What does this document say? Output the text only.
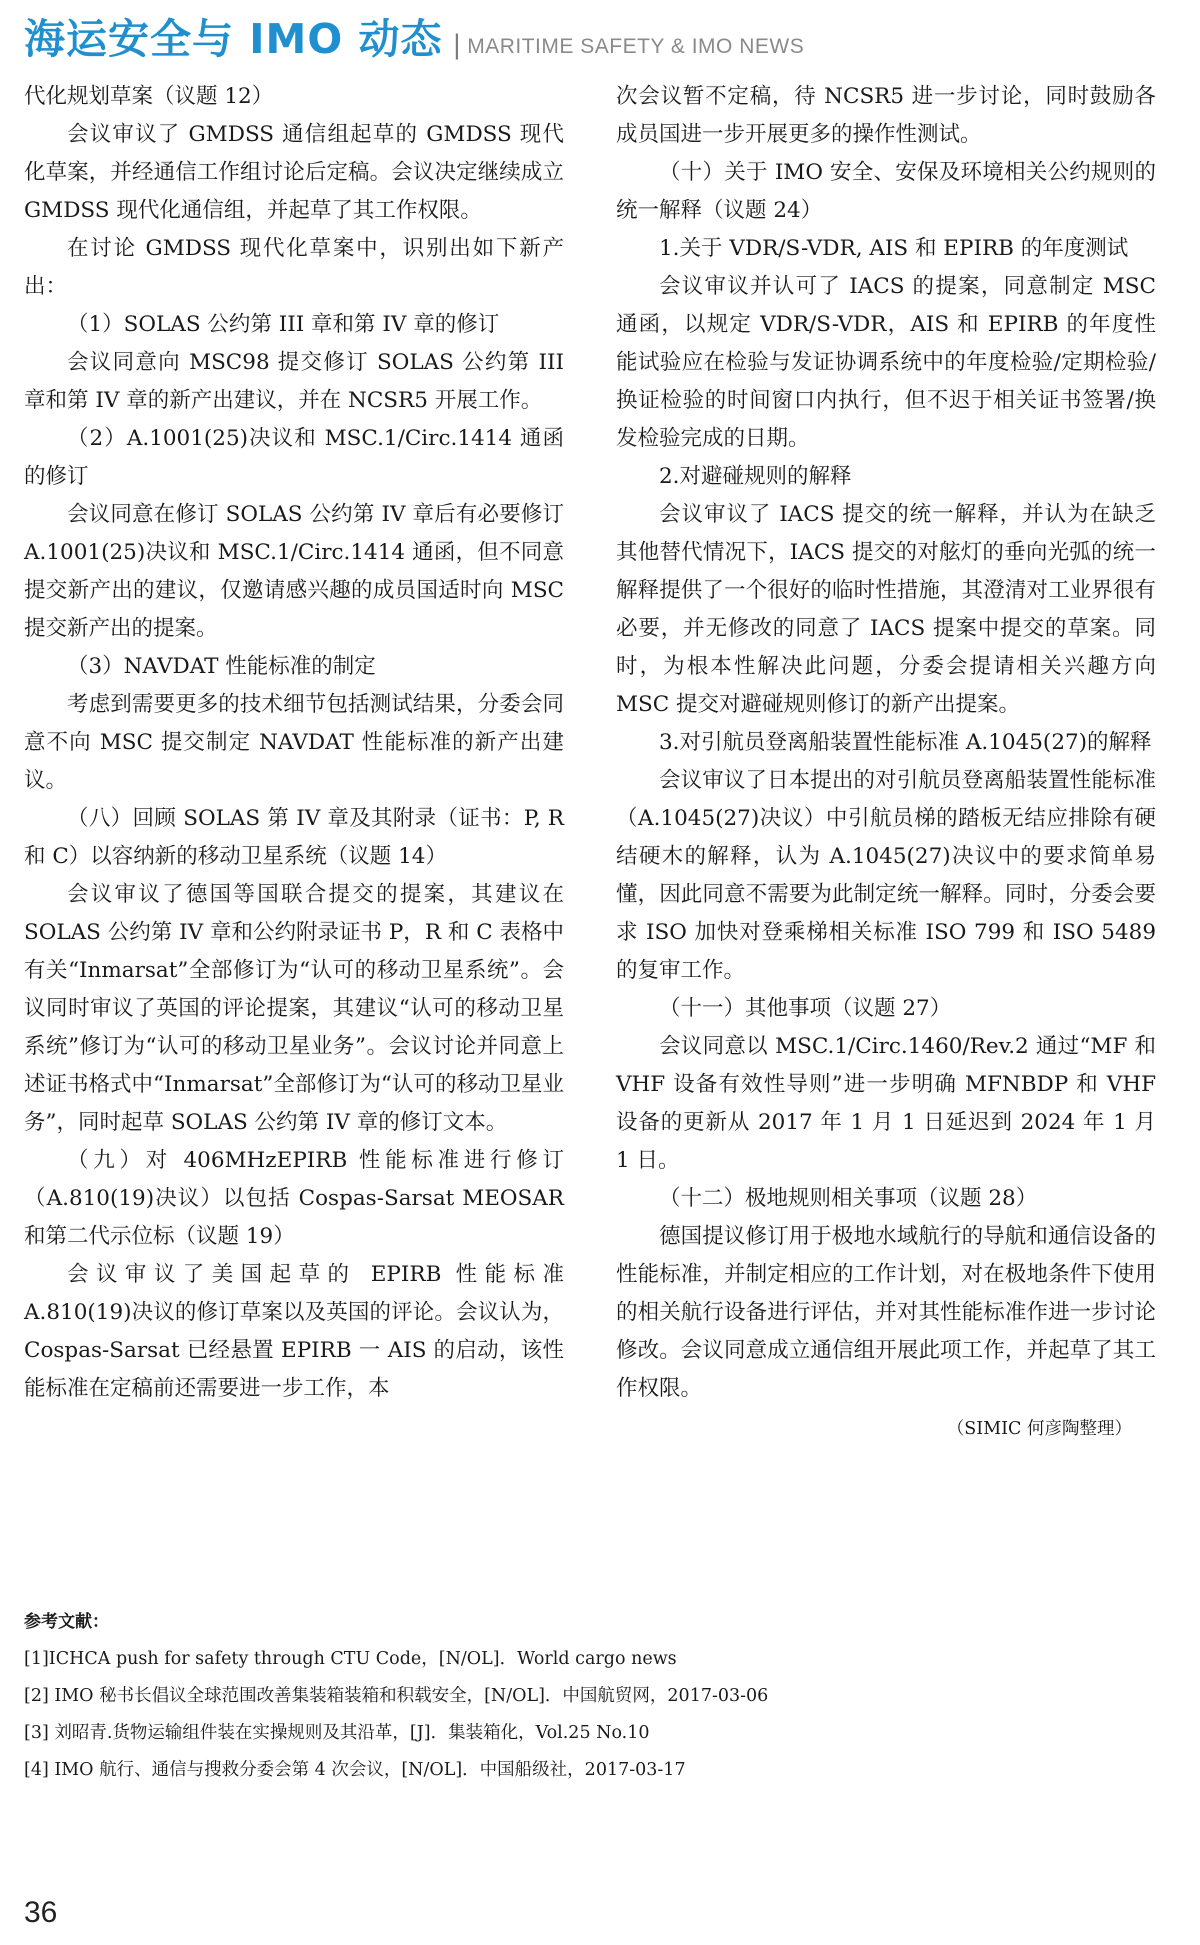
海运安全与 IMO 动态 | MARITIME SAFETY & IMO NEWS

代化规划草案（议题 12）

会议审议了 GMDSS 通信组起草的 GMDSS 现代化草案，并经通信工作组讨论后定稿。会议决定继续成立 GMDSS 现代化通信组，并起草了其工作权限。

在讨论 GMDSS 现代化草案中，识别出如下新产出：

（1）SOLAS 公约第 III 章和第 IV 章的修订

会议同意向 MSC98 提交修订 SOLAS 公约第 III 章和第 IV 章的新产出建议，并在 NCSR5 开展工作。

（2）A.1001(25)决议和 MSC.1/Circ.1414 通函的修订

会议同意在修订 SOLAS 公约第 IV 章后有必要修订 A.1001(25)决议和 MSC.1/Circ.1414 通函，但不同意提交新产出的建议，仅邀请感兴趣的成员国适时向 MSC 提交新产出的提案。

（3）NAVDAT 性能标准的制定

考虑到需要更多的技术细节包括测试结果，分委会同意不向 MSC 提交制定 NAVDAT 性能标准的新产出建议。

（八）回顾 SOLAS 第 IV 章及其附录（证书：P, R 和 C）以容纳新的移动卫星系统（议题 14）

会议审议了德国等国联合提交的提案，其建议在 SOLAS 公约第 IV 章和公约附录证书 P，R 和 C 表格中有关“Inmarsat”全部修订为“认可的移动卫星系统”。会议同时审议了英国的评论提案，其建议“认可的移动卫星系统”修订为“认可的移动卫星业务”。会议讨论并同意上述证书格式中“Inmarsat”全部修订为“认可的移动卫星业务”，同时起草 SOLAS 公约第 IV 章的修订文本。

（九）对 406MHzEPIRB 性能标准进行修订（A.810(19)决议）以包括 Cospas-Sarsat MEOSAR 和第二代示位标（议题 19）

会议审议了美国起草的 EPIRB 性能标准 A.810(19)决议的修订草案以及英国的评论。会议认为，Cospas-Sarsat 已经悬置 EPIRB 一 AIS 的启动，该性能标准在定稿前还需要进一步工作，本

次会议暂不定稿，待 NCSR5 进一步讨论，同时鼓励各成员国进一步开展更多的操作性测试。

（十）关于 IMO 安全、安保及环境相关公约规则的统一解释（议题 24）

1.关于 VDR/S-VDR, AIS 和 EPIRB 的年度测试

会议审议并认可了 IACS 的提案，同意制定 MSC 通函，以规定 VDR/S-VDR，AIS 和 EPIRB 的年度性能试验应在检验与发证协调系统中的年度检验/定期检验/换证检验的时间窗口内执行，但不迟于相关证书签署/换发检验完成的日期。

2.对避碰规则的解释

会议审议了 IACS 提交的统一解释，并认为在缺乏其他替代情况下，IACS 提交的对舷灯的垂向光弧的统一解释提供了一个很好的临时性措施，其澄清对工业界很有必要，并无修改的同意了 IACS 提案中提交的草案。同时，为根本性解决此问题，分委会提请相关兴趣方向 MSC 提交对避碰规则修订的新产出提案。

3.对引航员登离船装置性能标准 A.1045(27)的解释

会议审议了日本提出的对引航员登离船装置性能标准（A.1045(27)决议）中引航员梯的踏板无结应排除有硬结硬木的解释，认为 A.1045(27)决议中的要求简单易懂，因此同意不需要为此制定统一解释。同时，分委会要求 ISO 加快对登乘梯相关标准 ISO 799 和 ISO 5489 的复审工作。

（十一）其他事项（议题 27）

会议同意以 MSC.1/Circ.1460/Rev.2 通过“MF 和 VHF 设备有效性导则”进一步明确 MFNBDP 和 VHF 设备的更新从 2017 年 1 月 1 日延迟到 2024 年 1 月 1 日。

（十二）极地规则相关事项（议题 28）

德国提议修订用于极地水域航行的导航和通信设备的性能标准，并制定相应的工作计划，对在极地条件下使用的相关航行设备进行评估，并对其性能标准作进一步讨论修改。会议同意成立通信组开展此项工作，并起草了其工作权限。

（SIMIC 何彦陶整理）

参考文献：
[1]ICHCA push for safety through CTU Code，[N/OL]．World cargo news
[2] IMO 秘书长倡议全球范围改善集装箱装箱和积载安全，[N/OL]．中国航贸网，2017-03-06
[3] 刘昭青.货物运输组件装在实操规则及其沿革，[J]．集装箱化，Vol.25 No.10
[4] IMO 航行、通信与搜救分委会第 4 次会议，[N/OL]．中国船级社，2017-03-17
36
